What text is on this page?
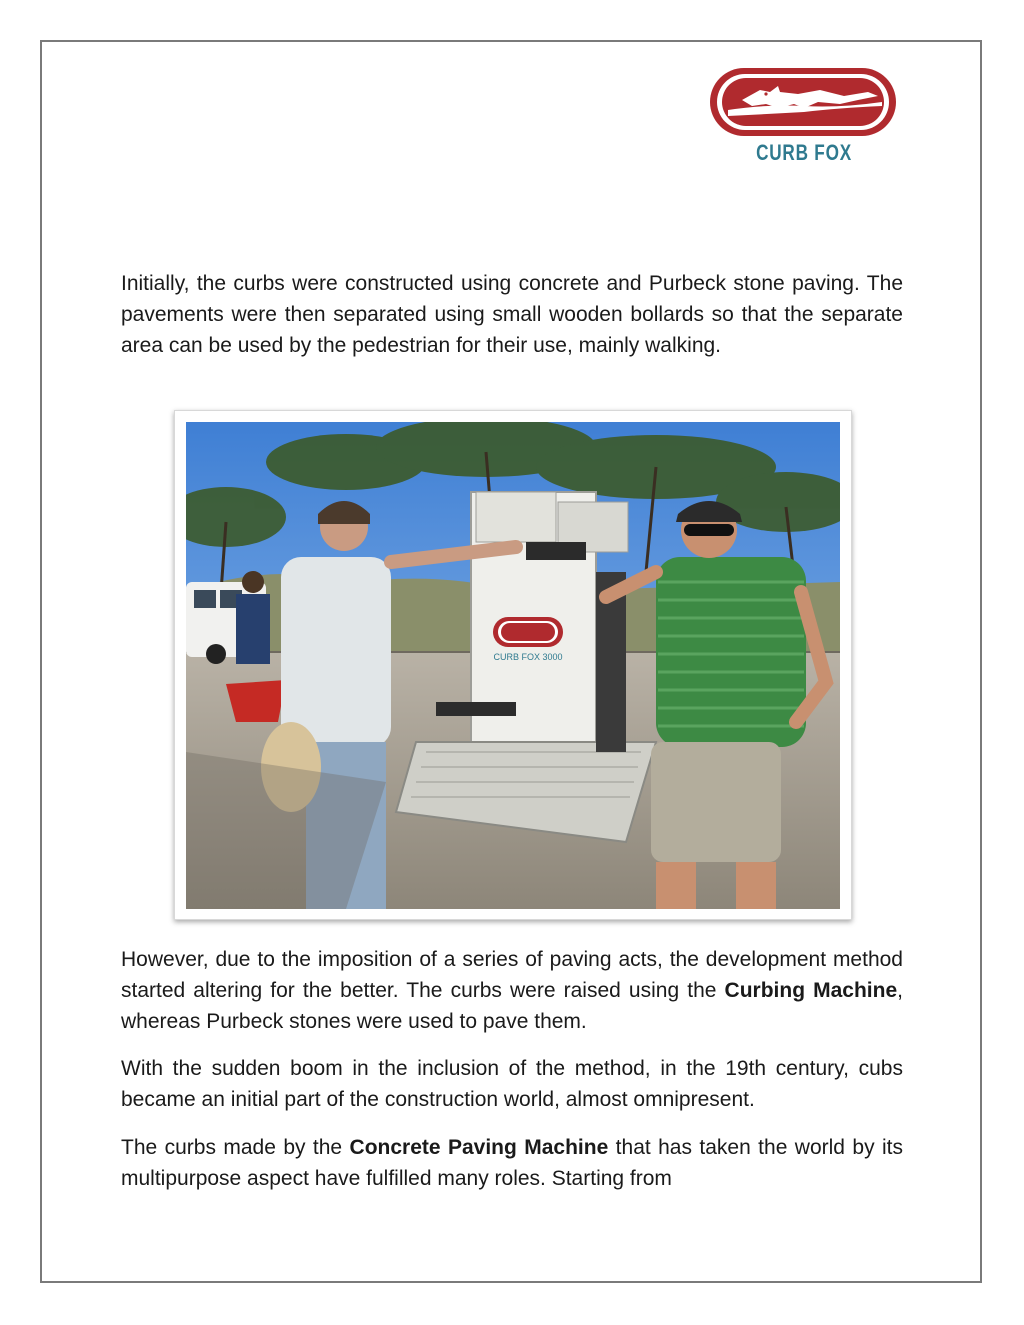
CURB FOX

Initially, the curbs were constructed using concrete and Purbeck stone paving. The pavements were then separated using small wooden bollards so that the separate area can be used by the pedestrian for their use, mainly walking.

CURB FOX 3000

However, due to the imposition of a series of paving acts, the development method started altering for the better. The curbs were raised using the Curbing Machine, whereas Purbeck stones were used to pave them.

With the sudden boom in the inclusion of the method, in the 19th century, cubs became an initial part of the construction world, almost omnipresent.

The curbs made by the Concrete Paving Machine that has taken the world by its multipurpose aspect have fulfilled many roles. Starting from
